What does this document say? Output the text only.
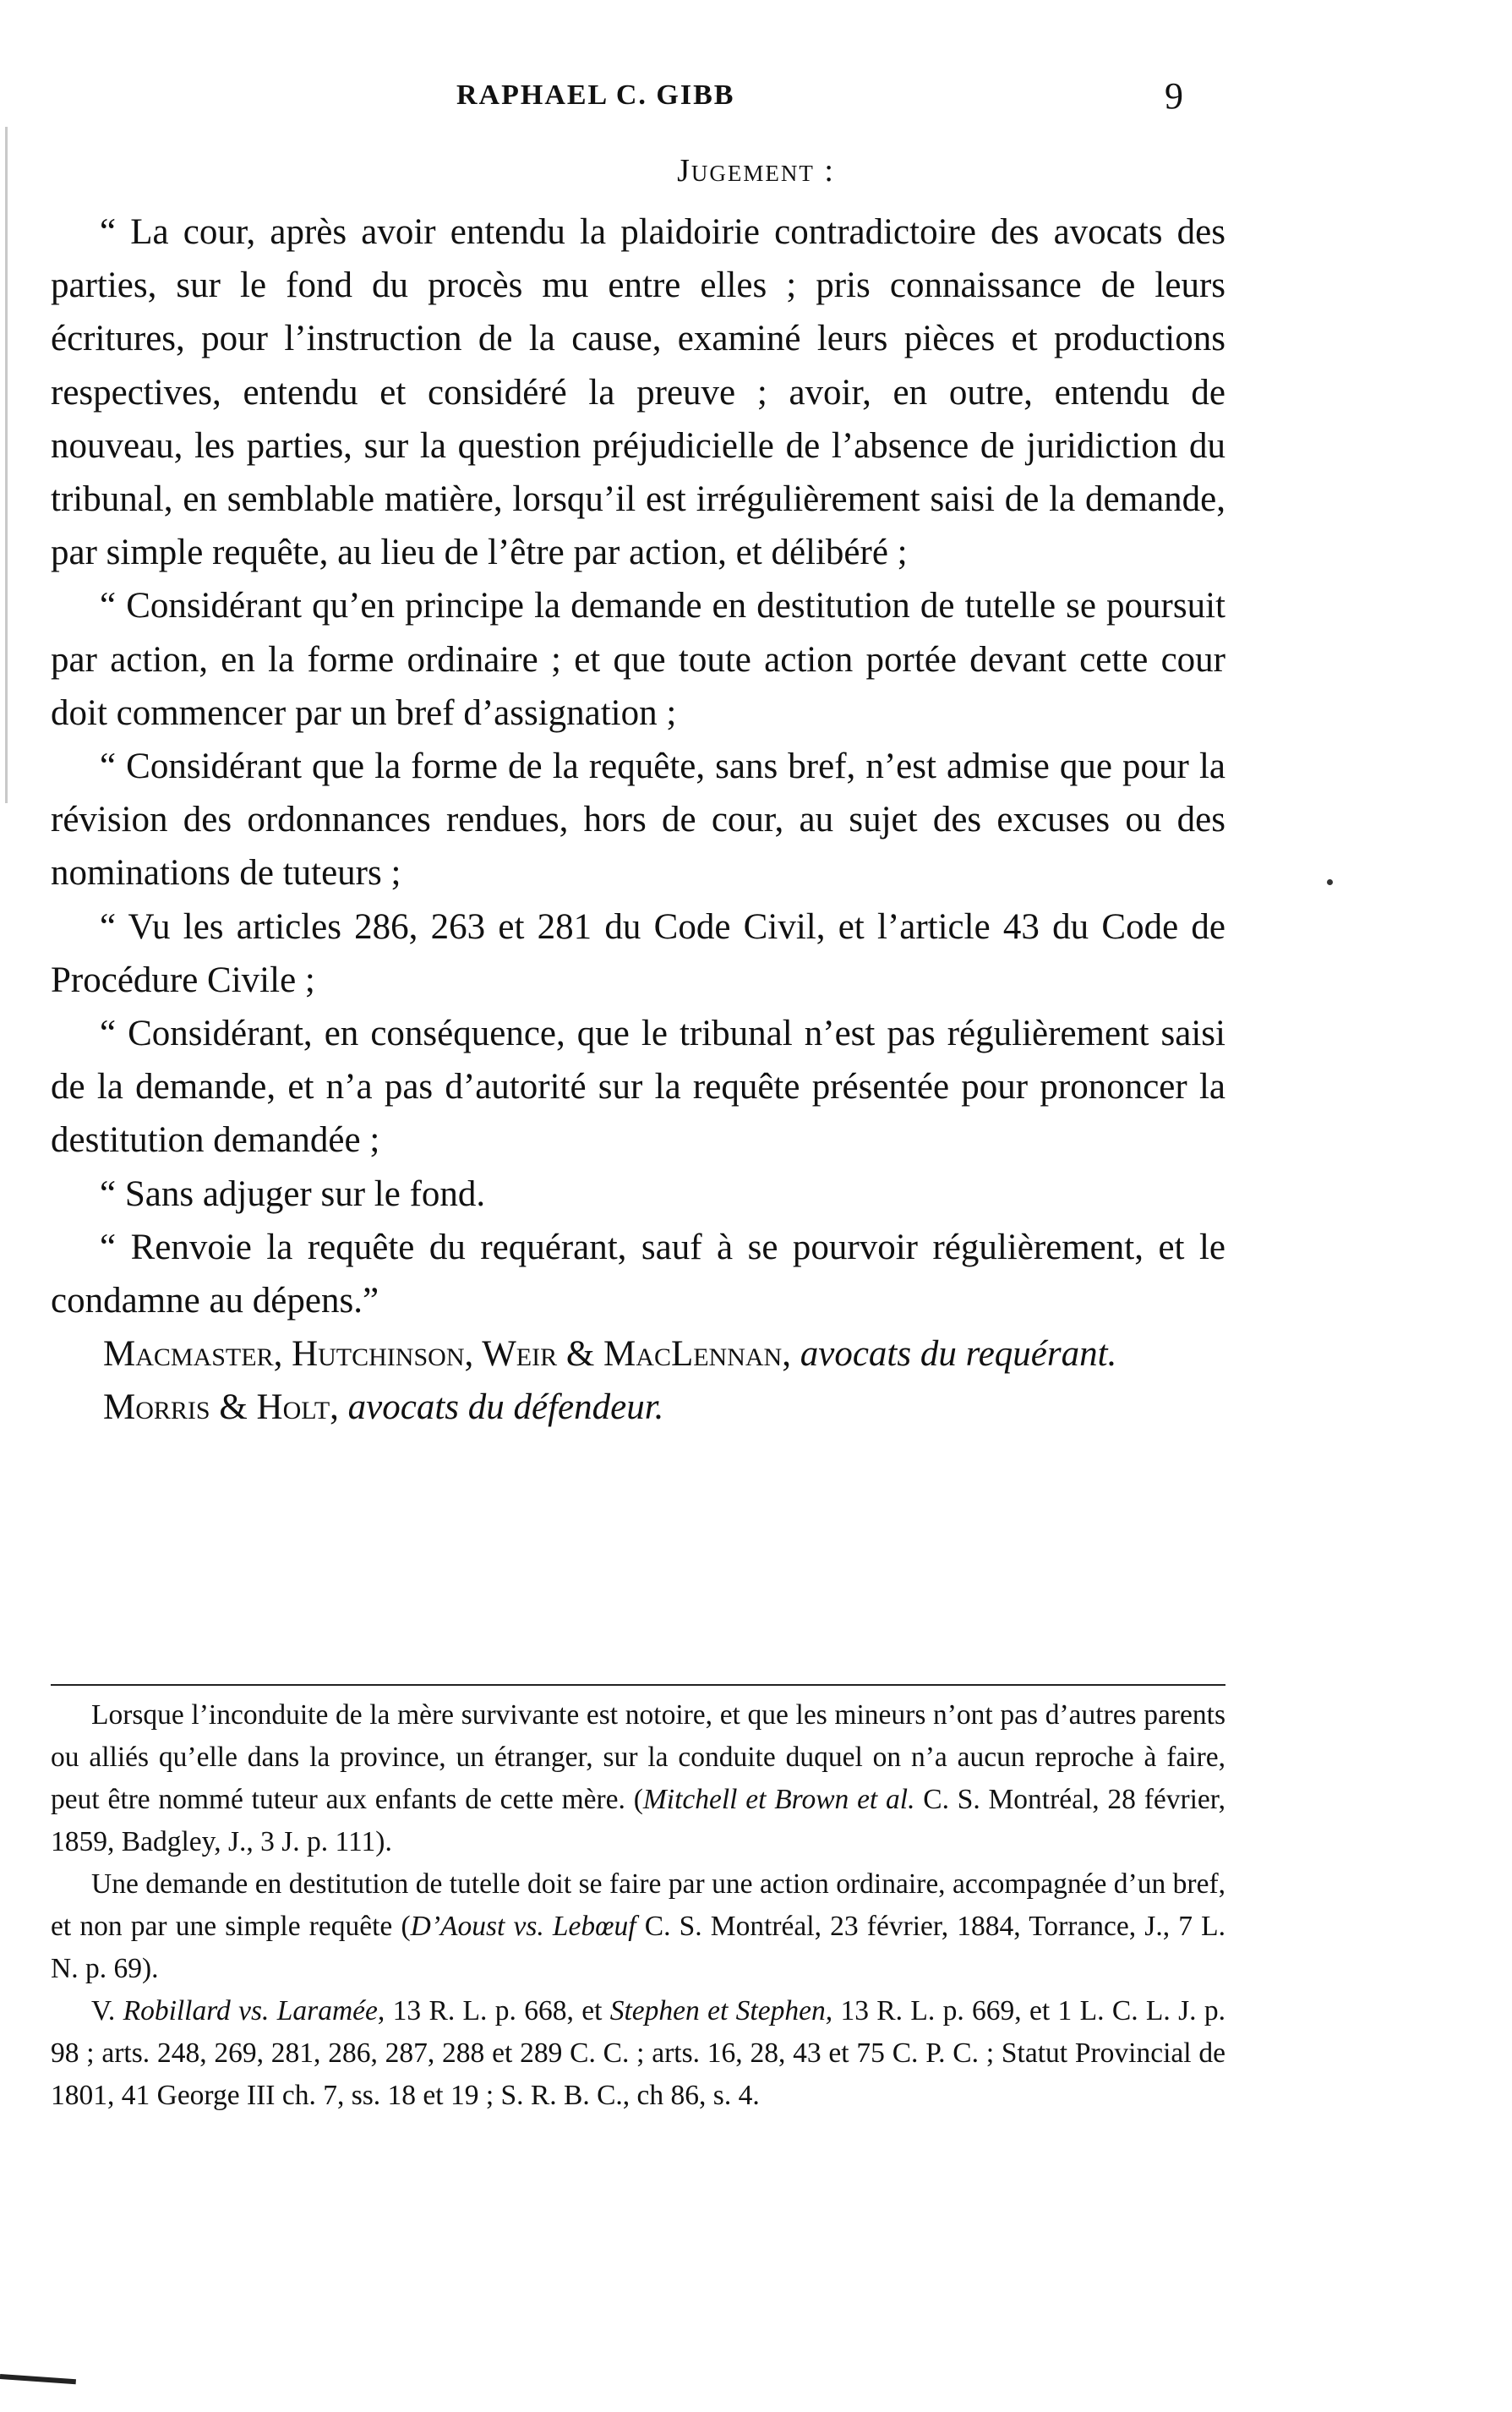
RAPHAEL C. GIBB	9
Jugement :

“ La cour, après avoir entendu la plaidoirie contradictoire des avocats des parties, sur le fond du procès mu entre elles ; pris connaissance de leurs écritures, pour l’instruction de la cause, examiné leurs pièces et productions respectives, entendu et considéré la preuve ; avoir, en outre, entendu de nouveau, les parties, sur la question préjudicielle de l’absence de juridiction du tribunal, en semblable matière, lorsqu’il est irrégulièrement saisi de la demande, par simple requête, au lieu de l’être par action, et délibéré ;

“ Considérant qu’en principe la demande en destitution de tutelle se poursuit par action, en la forme ordinaire ; et que toute action portée devant cette cour doit commencer par un bref d’assignation ;

“ Considérant que la forme de la requête, sans bref, n’est admise que pour la révision des ordonnances rendues, hors de cour, au sujet des excuses ou des nominations de tuteurs ;

“ Vu les articles 286, 263 et 281 du Code Civil, et l’article 43 du Code de Procédure Civile ;

“ Considérant, en conséquence, que le tribunal n’est pas régulièrement saisi de la demande, et n’a pas d’autorité sur la requête présentée pour prononcer la destitution demandée ;

“ Sans adjuger sur le fond.

“ Renvoie la requête du requérant, sauf à se pourvoir régulièrement, et le condamne au dépens.”

Macmaster, Hutchinson, Weir & MacLennan, avocats du requérant.

Morris & Holt, avocats du défendeur.

Lorsque l’inconduite de la mère survivante est notoire, et que les mineurs n’ont pas d’autres parents ou alliés qu’elle dans la province, un étranger, sur la conduite duquel on n’a aucun reproche à faire, peut être nommé tuteur aux enfants de cette mère. (Mitchell et Brown et al. C. S. Montréal, 28 février, 1859, Badgley, J., 3 J. p. 111).

Une demande en destitution de tutelle doit se faire par une action ordinaire, accompagnée d’un bref, et non par une simple requête (D’Aoust vs. Lebœuf C. S. Montréal, 23 février, 1884, Torrance, J., 7 L. N. p. 69).

V. Robillard vs. Laramée, 13 R. L. p. 668, et Stephen et Stephen, 13 R. L. p. 669, et 1 L. C. L. J. p. 98 ; arts. 248, 269, 281, 286, 287, 288 et 289 C. C. ; arts. 16, 28, 43 et 75 C. P. C. ; Statut Provincial de 1801, 41 George III ch. 7, ss. 18 et 19 ; S. R. B. C., ch 86, s. 4.
